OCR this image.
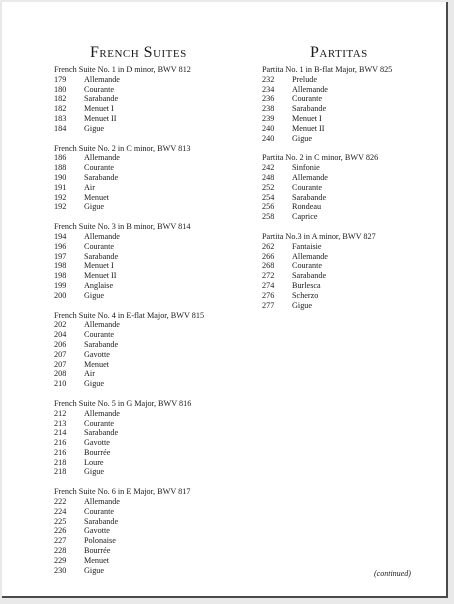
French Suites
French Suite No. 1 in D minor, BWV 812
179	Allemande
180	Courante
182	Sarabande
182	Menuet I
183	Menuet II
184	Gigue
French Suite No. 2 in C minor, BWV 813
186	Allemande
188	Courante
190	Sarabande
191	Air
192	Menuet
192	Gigue
French Suite No. 3 in B minor, BWV 814
194	Allemande
196	Courante
197	Sarabande
198	Menuet I
198	Menuet II
199	Anglaise
200	Gigue
French Suite No. 4 in E-flat Major, BWV 815
202	Allemande
204	Courante
206	Sarabande
207	Gavotte
207	Menuet
208	Air
210	Gigue
French Suite No. 5 in G Major, BWV 816
212	Allemande
213	Courante
214	Sarabande
216	Gavotte
216	Bourrée
218	Loure
218	Gigue
French Suite No. 6 in E Major, BWV 817
222	Allemande
224	Courante
225	Sarabande
226	Gavotte
227	Polonaise
228	Bourrée
229	Menuet
230	Gigue
Partitas
Partita No. 1 in B-flat Major, BWV 825
232	Prelude
234	Allemande
236	Courante
238	Sarabande
239	Menuet I
240	Menuet II
240	Gigue
Partita No. 2 in C minor, BWV 826
242	Sinfonie
248	Allemande
252	Courante
254	Sarabande
256	Rondeau
258	Caprice
Partita No.3 in A minor, BWV 827
262	Fantaisie
266	Allemande
268	Courante
272	Sarabande
274	Burlesca
276	Scherzo
277	Gigue
(continued)
